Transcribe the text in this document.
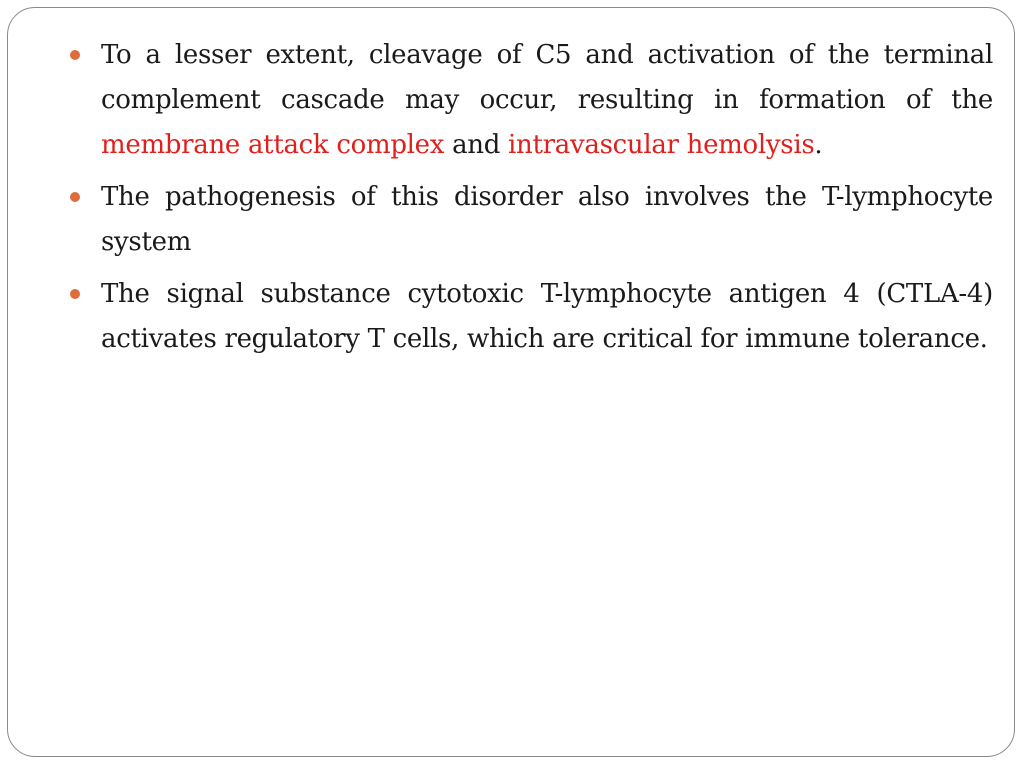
To a lesser extent, cleavage of C5 and activation of the terminal complement cascade may occur, resulting in formation of the membrane attack complex and intravascular hemolysis.
The pathogenesis of this disorder also involves the T-lymphocyte system
The signal substance cytotoxic T-lymphocyte antigen 4 (CTLA-4) activates regulatory T cells, which are critical for immune tolerance.
